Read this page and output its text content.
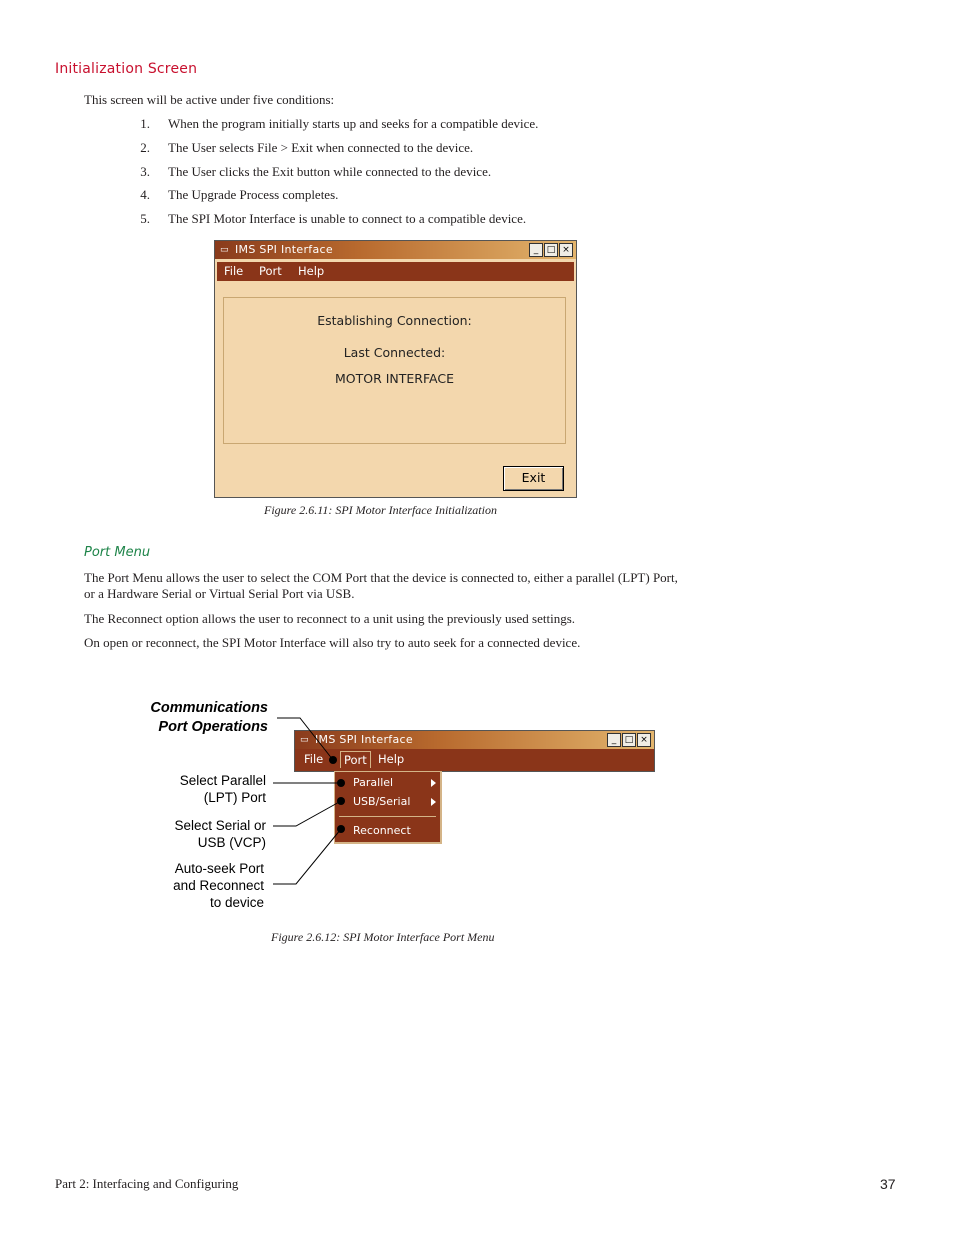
Initialization Screen
This screen will be active under five conditions:
1. When the program initially starts up and seeks for a compatible device.
2. The User selects File > Exit when connected to the device.
3. The User clicks the Exit button while connected to the device.
4. The Upgrade Process completes.
5. The SPI Motor Interface is unable to connect to a compatible device.
▭ IMS SPI Interface	_ □ ×
File Port Help
Establishing Connection:
Last Connected:
MOTOR INTERFACE
Exit
Figure 2.6.11: SPI Motor Interface Initialization
Port Menu
The Port Menu allows the user to select the COM Port that the device is connected to, either a parallel (LPT) Port,
or a Hardware Serial or Virtual Serial Port via USB.
The Reconnect option allows the user to reconnect to a unit using the previously used settings.
On open or reconnect, the SPI Motor Interface will also try to auto seek for a connected device.
▭ IMS SPI Interface	_ □ ×
File	Port Help
Parallel
USB/Serial
Reconnect
Communications
Port Operations
Select Parallel
(LPT) Port
Select Serial or
USB (VCP)
Auto-seek Port
and Reconnect
to device
Figure 2.6.12: SPI Motor Interface Port Menu
Part 2: Interfacing and Configuring	37
